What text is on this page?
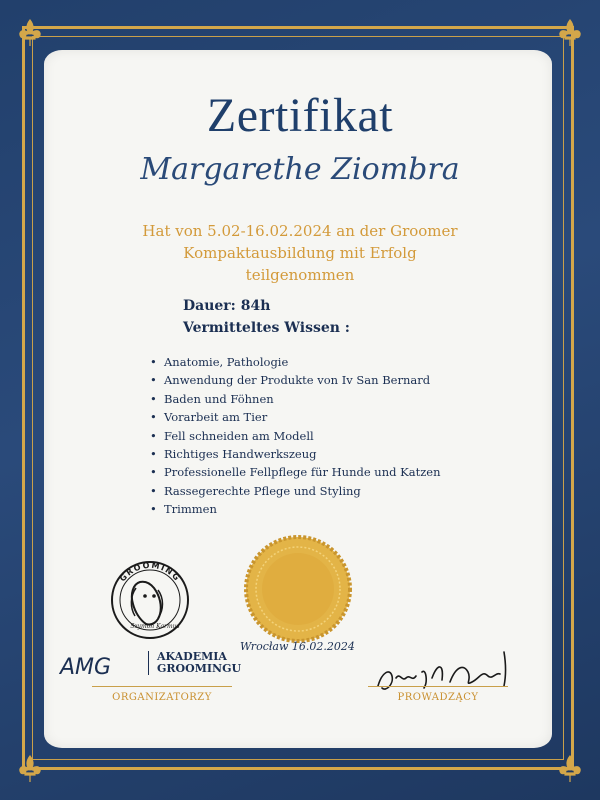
Zertifikat
Margarethe Ziombra
Hat von 5.02-16.02.2024 an der Groomer
Kompaktausbildung mit Erfolg
teilgenommen
Dauer: 84h
Vermitteltes Wissen :
• Anatomie, Pathologie
• Anwendung der Produkte von Iv San Bernard
• Baden und Föhnen
• Vorarbeit am Tier
• Fell schneiden am Modell
• Richtiges Handwerkszeug
• Professionelle Fellpflege für Hunde und Katzen
• Rassegerechte Pflege und Styling
• Trimmen
GROOMING
Szymon Karmus
Wrocław 16.02.2024
AMG	AKADEMIA
GROOMINGU
ORGANIZATORZY	PROWADZĄCY
